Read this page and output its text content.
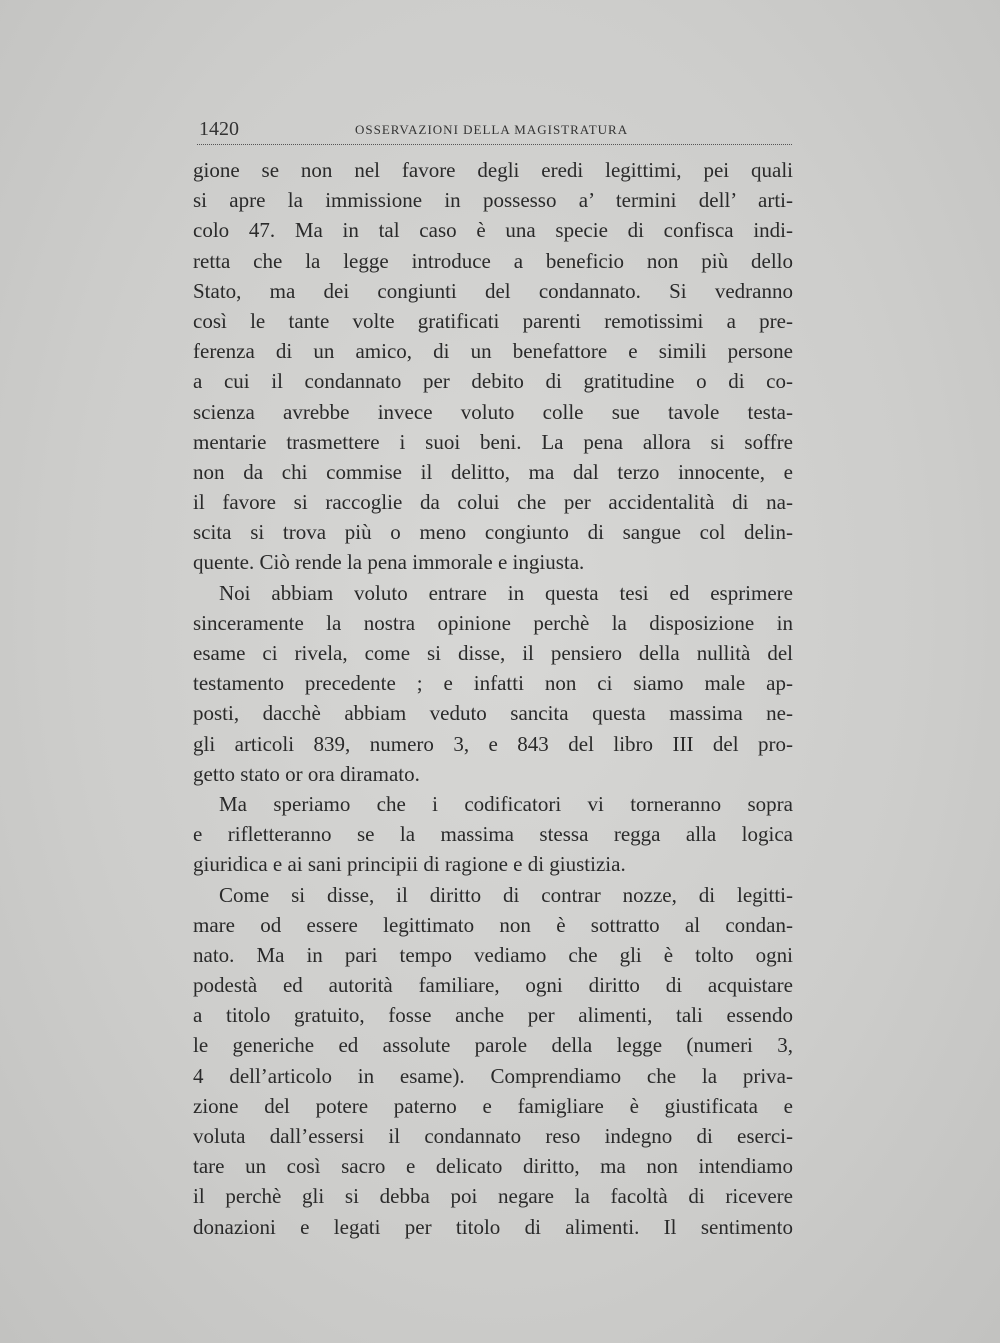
1420	OSSERVAZIONI DELLA MAGISTRATURA
gione se non nel favore degli eredi legittimi, pei quali
si apre la immissione in possesso a’ termini dell’ arti-
colo 47. Ma in tal caso è una specie di confisca indi-
retta che la legge introduce a beneficio non più dello
Stato, ma dei congiunti del condannato. Si vedranno
così le tante volte gratificati parenti remotissimi a pre-
ferenza di un amico, di un benefattore e simili persone
a cui il condannato per debito di gratitudine o di co-
scienza avrebbe invece voluto colle sue tavole testa-
mentarie trasmettere i suoi beni. La pena allora si soffre
non da chi commise il delitto, ma dal terzo innocente, e
il favore si raccoglie da colui che per accidentalità di na-
scita si trova più o meno congiunto di sangue col delin-
quente. Ciò rende la pena immorale e ingiusta.
Noi abbiam voluto entrare in questa tesi ed esprimere
sinceramente la nostra opinione perchè la disposizione in
esame ci rivela, come si disse, il pensiero della nullità del
testamento precedente ; e infatti non ci siamo male ap-
posti, dacchè abbiam veduto sancita questa massima ne-
gli articoli 839, numero 3, e 843 del libro III del pro-
getto stato or ora diramato.
Ma speriamo che i codificatori vi torneranno sopra
e rifletteranno se la massima stessa regga alla logica
giuridica e ai sani principii di ragione e di giustizia.
Come si disse, il diritto di contrar nozze, di legitti-
mare od essere legittimato non è sottratto al condan-
nato. Ma in pari tempo vediamo che gli è tolto ogni
podestà ed autorità familiare, ogni diritto di acquistare
a titolo gratuito, fosse anche per alimenti, tali essendo
le generiche ed assolute parole della legge (numeri 3,
4 dell’articolo in esame). Comprendiamo che la priva-
zione del potere paterno e famigliare è giustificata e
voluta dall’essersi il condannato reso indegno di eserci-
tare un così sacro e delicato diritto, ma non intendiamo
il perchè gli si debba poi negare la facoltà di ricevere
donazioni e legati per titolo di alimenti. Il sentimento
